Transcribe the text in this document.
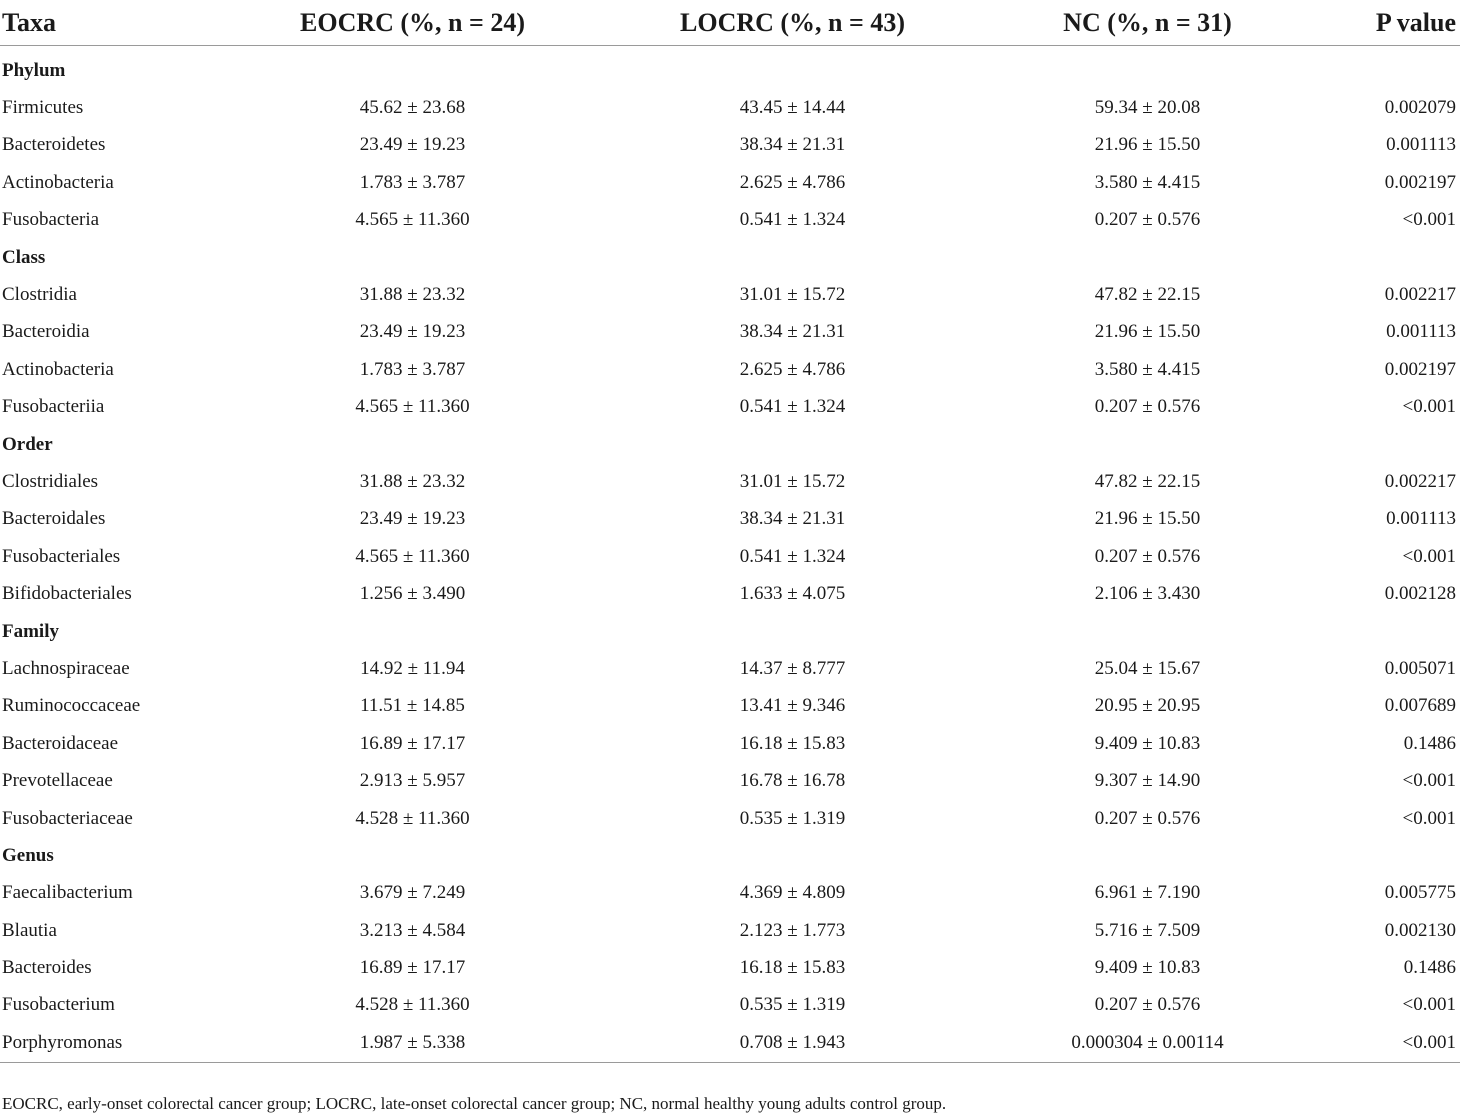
Taxa	EOCRC (%, n = 24)	LOCRC (%, n = 43)	NC (%, n = 31)	P value
Phylum				
Firmicutes	45.62 ± 23.68	43.45 ± 14.44	59.34 ± 20.08	0.002079
Bacteroidetes	23.49 ± 19.23	38.34 ± 21.31	21.96 ± 15.50	0.001113
Actinobacteria	1.783 ± 3.787	2.625 ± 4.786	3.580 ± 4.415	0.002197
Fusobacteria	4.565 ± 11.360	0.541 ± 1.324	0.207 ± 0.576	<0.001
Class				
Clostridia	31.88 ± 23.32	31.01 ± 15.72	47.82 ± 22.15	0.002217
Bacteroidia	23.49 ± 19.23	38.34 ± 21.31	21.96 ± 15.50	0.001113
Actinobacteria	1.783 ± 3.787	2.625 ± 4.786	3.580 ± 4.415	0.002197
Fusobacteriia	4.565 ± 11.360	0.541 ± 1.324	0.207 ± 0.576	<0.001
Order				
Clostridiales	31.88 ± 23.32	31.01 ± 15.72	47.82 ± 22.15	0.002217
Bacteroidales	23.49 ± 19.23	38.34 ± 21.31	21.96 ± 15.50	0.001113
Fusobacteriales	4.565 ± 11.360	0.541 ± 1.324	0.207 ± 0.576	<0.001
Bifidobacteriales	1.256 ± 3.490	1.633 ± 4.075	2.106 ± 3.430	0.002128
Family				
Lachnospiraceae	14.92 ± 11.94	14.37 ± 8.777	25.04 ± 15.67	0.005071
Ruminococcaceae	11.51 ± 14.85	13.41 ± 9.346	20.95 ± 20.95	0.007689
Bacteroidaceae	16.89 ± 17.17	16.18 ± 15.83	9.409 ± 10.83	0.1486
Prevotellaceae	2.913 ± 5.957	16.78 ± 16.78	9.307 ± 14.90	<0.001
Fusobacteriaceae	4.528 ± 11.360	0.535 ± 1.319	0.207 ± 0.576	<0.001
Genus				
Faecalibacterium	3.679 ± 7.249	4.369 ± 4.809	6.961 ± 7.190	0.005775
Blautia	3.213 ± 4.584	2.123 ± 1.773	5.716 ± 7.509	0.002130
Bacteroides	16.89 ± 17.17	16.18 ± 15.83	9.409 ± 10.83	0.1486
Fusobacterium	4.528 ± 11.360	0.535 ± 1.319	0.207 ± 0.576	<0.001
Porphyromonas	1.987 ± 5.338	0.708 ± 1.943	0.000304 ± 0.00114	<0.001
EOCRC, early-onset colorectal cancer group; LOCRC, late-onset colorectal cancer group; NC, normal healthy young adults control group.
